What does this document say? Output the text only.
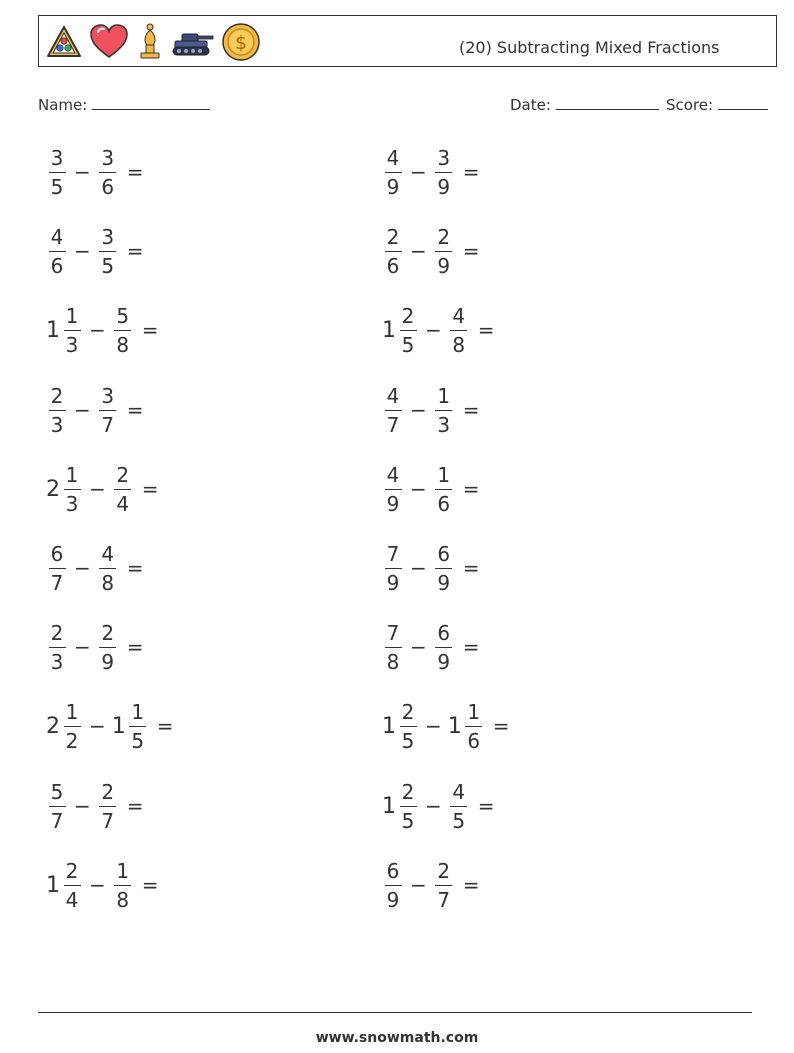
$	(20) Subtracting Mixed Fractions
Name:	Date:	Score:
$\frac{3}{5} - \frac{3}{6}$ =	$\frac{4}{9} - \frac{3}{9}$ =
$\frac{4}{6} - \frac{3}{5}$ =	$\frac{2}{6} - \frac{2}{9}$ =
$1 \frac{1}{3} - \frac{5}{8}$ =	$1 \frac{2}{5} - \frac{4}{8}$ =
$\frac{2}{3} - \frac{3}{7}$ =	$\frac{4}{7} - \frac{1}{3}$ =
$2 \frac{1}{3} - \frac{2}{4}$ =	$\frac{4}{9} - \frac{1}{6}$ =
$\frac{6}{7} - \frac{4}{8}$ =	$\frac{7}{9} - \frac{6}{9}$ =
$\frac{2}{3} - \frac{2}{9}$ =	$\frac{7}{8} - \frac{6}{9}$ =
$2 \frac{1}{2} - 1 \frac{1}{5}$ =	$1 \frac{2}{5} - 1 \frac{1}{6}$ =
$\frac{5}{7} - \frac{2}{7}$ =	$1 \frac{2}{5} - \frac{4}{5}$ =
$1 \frac{2}{4} - \frac{1}{8}$ =	$\frac{6}{9} - \frac{2}{7}$ =
www.snowmath.com
